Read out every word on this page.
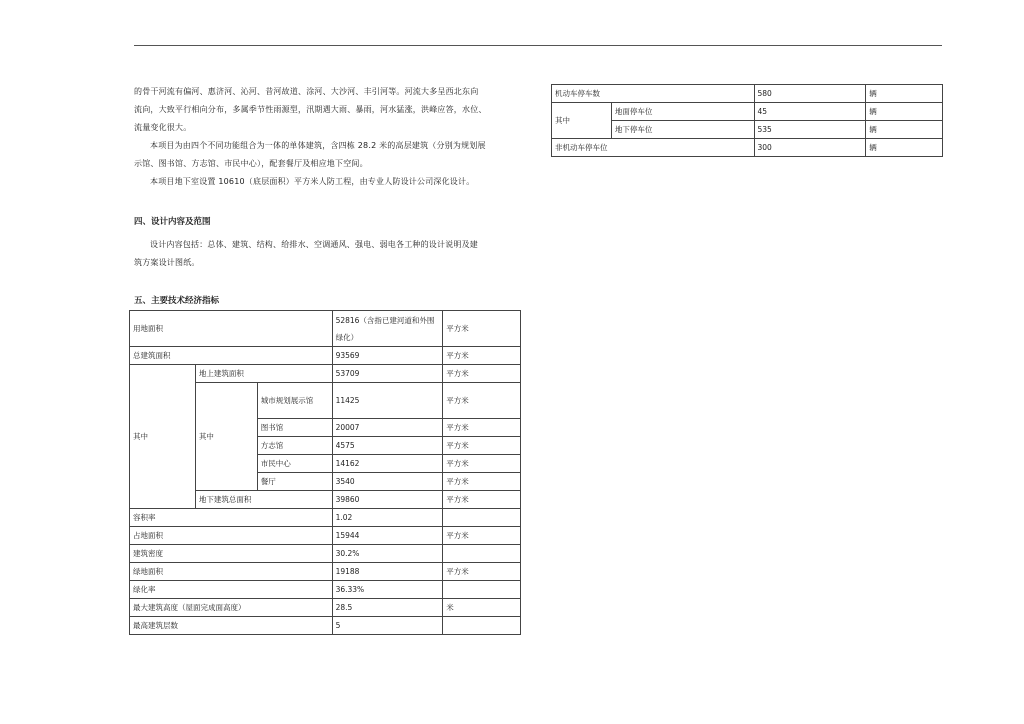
的骨干河流有偏河、惠济河、沁河、昔河故道、涂河、大沙河、丰引河等。河流大多呈西北东向
流向，大致平行相向分布，多属季节性雨源型，汛期遇大雨、暴雨，河水猛涨，洪峰应答，水位、
流量变化很大。

本项目为由四个不同功能组合为一体的单体建筑，含四栋 28.2 米的高层建筑（分别为规划展
示馆、图书馆、方志馆、市民中心），配套餐厅及相应地下空间。

本项目地下室设置 10610（底层面积）平方米人防工程，由专业人防设计公司深化设计。

四、设计内容及范围

设计内容包括：总体、建筑、结构、给排水、空调通风、强电、弱电各工种的设计说明及建
筑方案设计图纸。

五、主要技术经济指标

用地面积			52816（含指已建河道和外围绿化）	平方米
总建筑面积			93569	平方米
其中	地上建筑面积		53709	平方米
	其中	城市规划展示馆	11425	平方米
		图书馆	20007	平方米
		方志馆	4575	平方米
		市民中心	14162	平方米
		餐厅	3540	平方米

	地下建筑总面积		39860	平方米
容积率			1.02	
占地面积			15944	平方米
建筑密度			30.2%	
绿地面积			19188	平方米
绿化率			36.33%	
最大建筑高度（屋面完成面高度）			28.5	米
最高建筑层数			5	
机动车停车数		580	辆
其中	地面停车位	45	辆
	地下停车位	535	辆
非机动车停车位		300	辆
